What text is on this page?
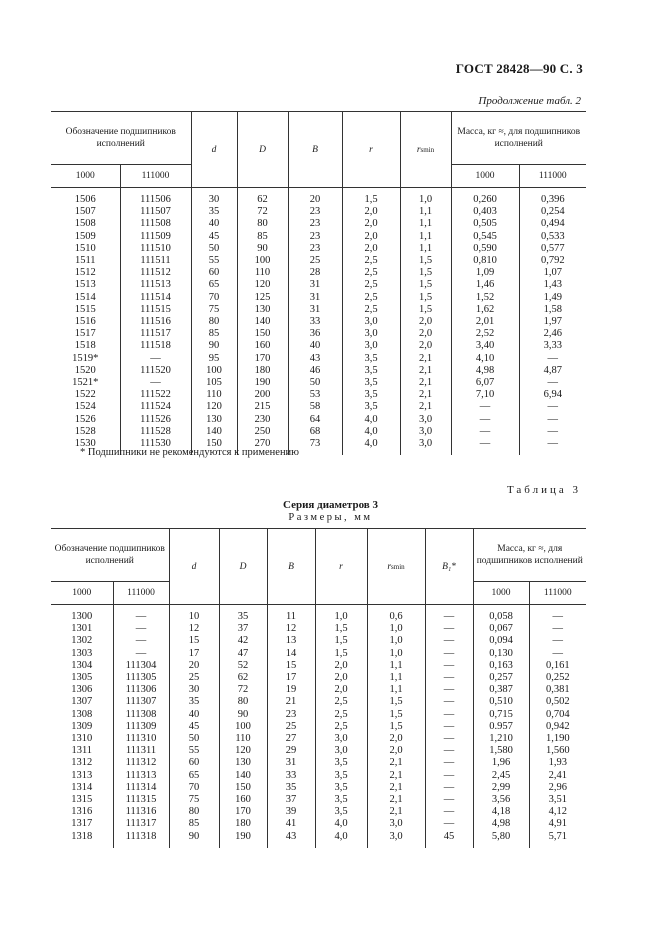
ГОСТ 28428—90 С. 3
Продолжение табл. 2
Обозначение подшипников исполнений		d	D	B	r	rsmin	Масса, кг ≈, для подшипников исполнений	
1000	111000						1000	111000
1506	111506	30	62	20	1,5	1,0	0,260	0,396
1507	111507	35	72	23	2,0	1,1	0,403	0,254
1508	111508	40	80	23	2,0	1,1	0,505	0,494
1509	111509	45	85	23	2,0	1,1	0,545	0,533
1510	111510	50	90	23	2,0	1,1	0,590	0,577
1511	111511	55	100	25	2,5	1,5	0,810	0,792
1512	111512	60	110	28	2,5	1,5	1,09	1,07
1513	111513	65	120	31	2,5	1,5	1,46	1,43
1514	111514	70	125	31	2,5	1,5	1,52	1,49
1515	111515	75	130	31	2,5	1,5	1,62	1,58
1516	111516	80	140	33	3,0	2,0	2,01	1,97
1517	111517	85	150	36	3,0	2,0	2,52	2,46
1518	111518	90	160	40	3,0	2,0	3,40	3,33
1519*	—	95	170	43	3,5	2,1	4,10	—
1520	111520	100	180	46	3,5	2,1	4,98	4,87
1521*	—	105	190	50	3,5	2,1	6,07	—
1522	111522	110	200	53	3,5	2,1	7,10	6,94
1524	111524	120	215	58	3,5	2,1	—	—
1526	111526	130	230	64	4,0	3,0	—	—
1528	111528	140	250	68	4,0	3,0	—	—
1530	111530	150	270	73	4,0	3,0	—	—
* Подшипники не рекомендуются к применению
Таблица 3
Серия диаметров 3
Размеры, мм
Обозначение подшипников исполнений		d	D	B	r	rsmin	B₁*	Масса, кг ≈, для подшипников исполнений	
1000	111000							1000	111000
1300	—	10	35	11	1,0	0,6	—	0,058	—
1301	—	12	37	12	1,5	1,0	—	0,067	—
1302	—	15	42	13	1,5	1,0	—	0,094	—
1303	—	17	47	14	1,5	1,0	—	0,130	—
1304	111304	20	52	15	2,0	1,1	—	0,163	0,161
1305	111305	25	62	17	2,0	1,1	—	0,257	0,252
1306	111306	30	72	19	2,0	1,1	—	0,387	0,381
1307	111307	35	80	21	2,5	1,5	—	0,510	0,502
1308	111308	40	90	23	2,5	1,5	—	0,715	0,704
1309	111309	45	100	25	2,5	1,5	—	0.957	0,942
1310	111310	50	110	27	3,0	2,0	—	1,210	1,190
1311	111311	55	120	29	3,0	2,0	—	1,580	1,560
1312	111312	60	130	31	3,5	2,1	—	1,96	1,93
1313	111313	65	140	33	3,5	2,1	—	2,45	2,41
1314	111314	70	150	35	3,5	2,1	—	2,99	2,96
1315	111315	75	160	37	3,5	2,1	—	3,56	3,51
1316	111316	80	170	39	3,5	2,1	—	4,18	4,12
1317	111317	85	180	41	4,0	3,0	—	4,98	4,91
1318	111318	90	190	43	4,0	3,0	45	5,80	5,71
